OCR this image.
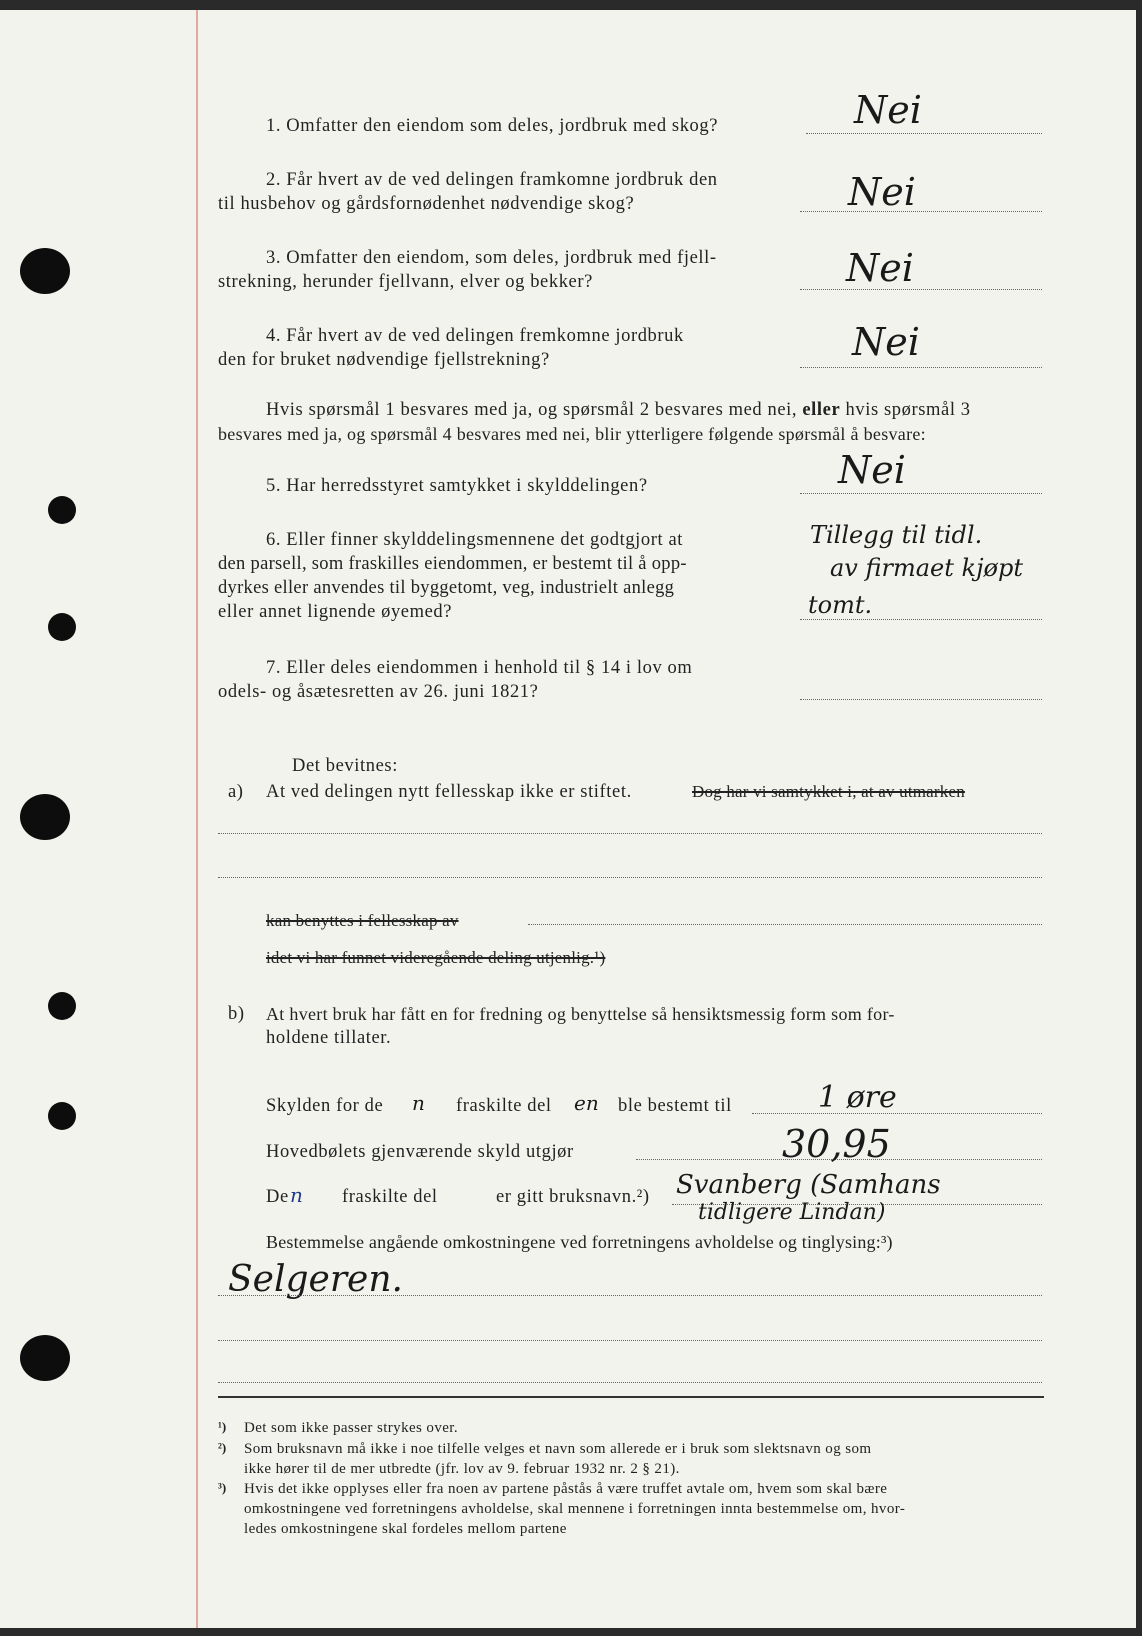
1. Omfatter den eiendom som deles, jordbruk med skog?	Nei
2. Får hvert av de ved delingen framkomne jordbruk den
til husbehov og gårdsfornødenhet nødvendige skog?	Nei
3. Omfatter den eiendom, som deles, jordbruk med fjell-
strekning, herunder fjellvann, elver og bekker?	Nei
4. Får hvert av de ved delingen fremkomne jordbruk
den for bruket nødvendige fjellstrekning?	Nei
Hvis spørsmål 1 besvares med ja, og spørsmål 2 besvares med nei, eller hvis spørsmål 3
besvares med ja, og spørsmål 4 besvares med nei, blir ytterligere følgende spørsmål å besvare:
5. Har herredsstyret samtykket i skylddelingen?	Nei
6. Eller finner skylddelingsmennene det godtgjort at
den parsell, som fraskilles eiendommen, er bestemt til å opp-
dyrkes eller anvendes til byggetomt, veg, industrielt anlegg
eller annet lignende øyemed?
Tillegg til tidl.
av firmaet kjøpt
tomt.
7. Eller deles eiendommen i henhold til § 14 i lov om
odels- og åsætesretten av 26. juni 1821?
Det bevitnes:
a) At ved delingen nytt fellesskap ikke er stiftet.	Dog har vi samtykket i, at av utmarken
kan benyttes i fellesskap av
idet vi har funnet videregående deling utjenlig.¹)
b) At hvert bruk har fått en for fredning og benyttelse så hensiktsmessig form som for-
holdene tillater.
Skylden for de n fraskilte del en ble bestemt til	1 øre
Hovedbølets gjenværende skyld utgjør	30,95
De n fraskilte del	er gitt bruksnavn.²) Svanberg (Samhans
tidligere Lindan)
Bestemmelse angående omkostningene ved forretningens avholdelse og tinglysing:³)
Selgeren.
¹) Det som ikke passer strykes over.
²) Som bruksnavn må ikke i noe tilfelle velges et navn som allerede er i bruk som slektsnavn og som
ikke hører til de mer utbredte (jfr. lov av 9. februar 1932 nr. 2 § 21).
³) Hvis det ikke opplyses eller fra noen av partene påstås å være truffet avtale om, hvem som skal bære
omkostningene ved forretningens avholdelse, skal mennene i forretningen innta bestemmelse om, hvor-
ledes omkostningene skal fordeles mellom partene
